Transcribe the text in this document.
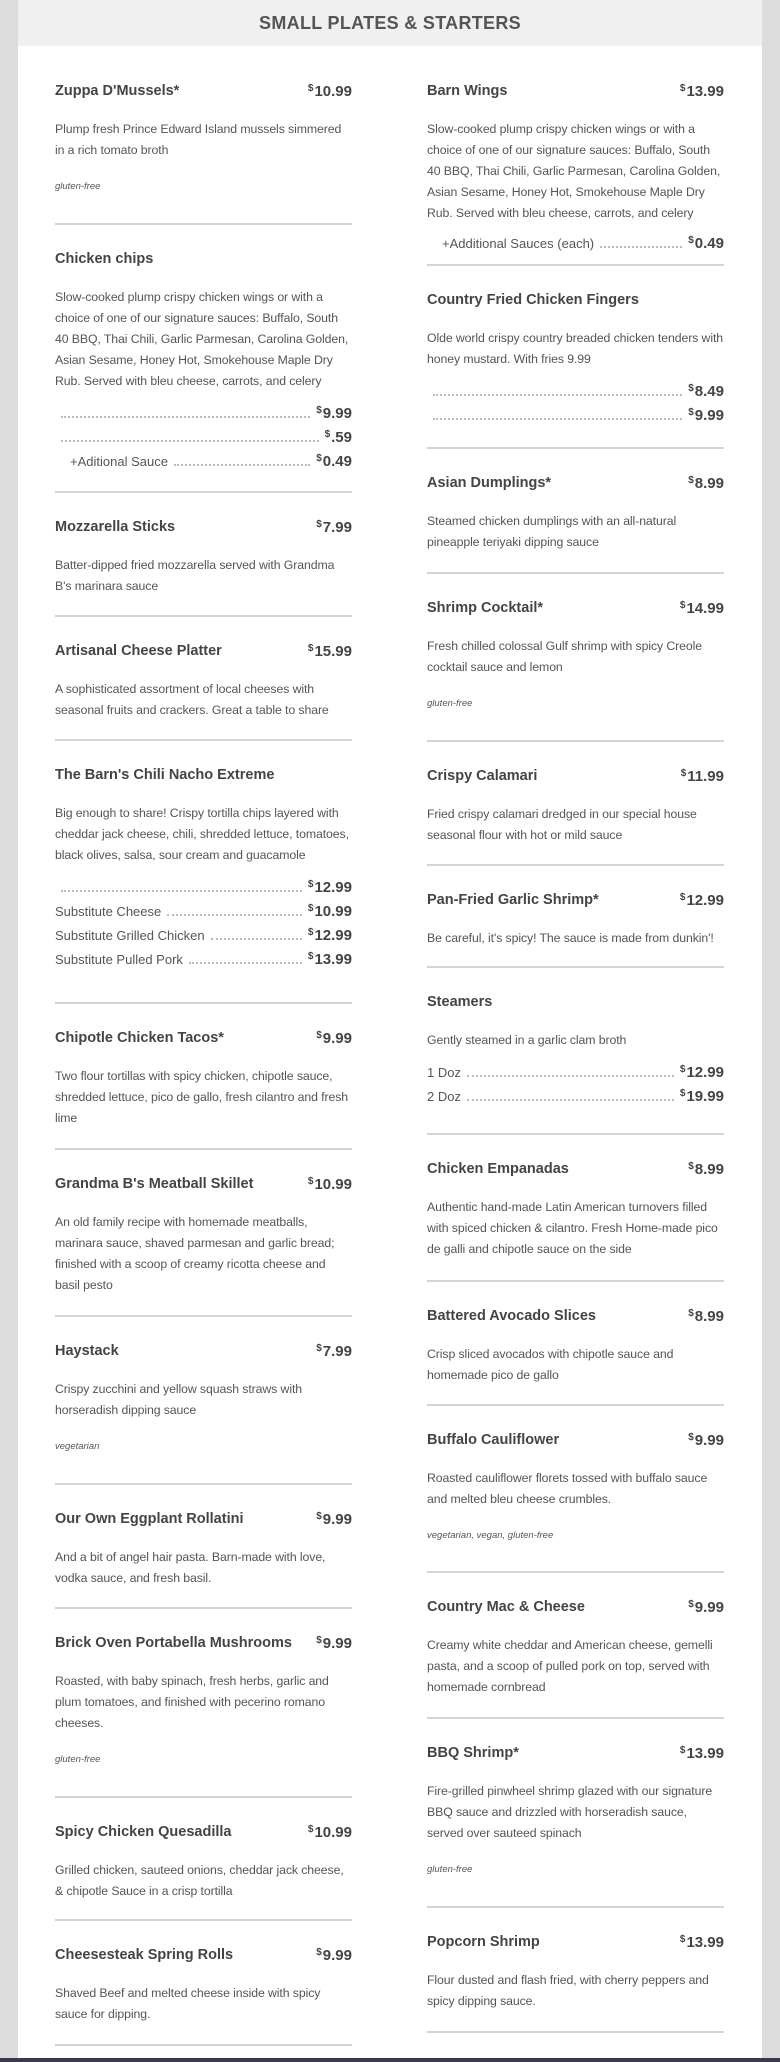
SMALL PLATES & STARTERS
Zuppa D'Mussels*	$10.99
Plump fresh Prince Edward Island mussels simmered in a rich tomato broth
gluten-free
Chicken chips
Slow-cooked plump crispy chicken wings or with a choice of one of our signature sauces: Buffalo, South 40 BBQ, Thai Chili, Garlic Parmesan, Carolina Golden, Asian Sesame, Honey Hot, Smokehouse Maple Dry Rub. Served with bleu cheese, carrots, and celery
$9.99
$.59
+Aditional Sauce	$0.49
Mozzarella Sticks	$7.99
Batter-dipped fried mozzarella served with Grandma B's marinara sauce
Artisanal Cheese Platter	$15.99
A sophisticated assortment of local cheeses with seasonal fruits and crackers. Great a table to share
The Barn's Chili Nacho Extreme
Big enough to share! Crispy tortilla chips layered with cheddar jack cheese, chili, shredded lettuce, tomatoes, black olives, salsa, sour cream and guacamole
$12.99
Substitute Cheese	$10.99
Substitute Grilled Chicken	$12.99
Substitute Pulled Pork	$13.99
Chipotle Chicken Tacos*	$9.99
Two flour tortillas with spicy chicken, chipotle sauce, shredded lettuce, pico de gallo, fresh cilantro and fresh lime
Grandma B's Meatball Skillet	$10.99
An old family recipe with homemade meatballs, marinara sauce, shaved parmesan and garlic bread; finished with a scoop of creamy ricotta cheese and basil pesto
Haystack	$7.99
Crispy zucchini and yellow squash straws with horseradish dipping sauce
vegetarian
Our Own Eggplant Rollatini	$9.99
And a bit of angel hair pasta. Barn-made with love, vodka sauce, and fresh basil.
Brick Oven Portabella Mushrooms $9.99
Roasted, with baby spinach, fresh herbs, garlic and plum tomatoes, and finished with pecerino romano cheeses.
gluten-free
Spicy Chicken Quesadilla	$10.99
Grilled chicken, sauteed onions, cheddar jack cheese, & chipotle Sauce in a crisp tortilla
Cheesesteak Spring Rolls	$9.99
Shaved Beef and melted cheese inside with spicy sauce for dipping.
Barn Wings	$13.99
Slow-cooked plump crispy chicken wings or with a choice of one of our signature sauces: Buffalo, South 40 BBQ, Thai Chili, Garlic Parmesan, Carolina Golden, Asian Sesame, Honey Hot, Smokehouse Maple Dry Rub. Served with bleu cheese, carrots, and celery
+Additional Sauces (each)	$0.49
Country Fried Chicken Fingers
Olde world crispy country breaded chicken tenders with honey mustard. With fries 9.99
$8.49
$9.99
Asian Dumplings*	$8.99
Steamed chicken dumplings with an all-natural pineapple teriyaki dipping sauce
Shrimp Cocktail*	$14.99
Fresh chilled colossal Gulf shrimp with spicy Creole cocktail sauce and lemon
gluten-free
Crispy Calamari	$11.99
Fried crispy calamari dredged in our special house seasonal flour with hot or mild sauce
Pan-Fried Garlic Shrimp*	$12.99
Be careful, it's spicy! The sauce is made from dunkin'!
Steamers
Gently steamed in a garlic clam broth
1 Doz	$12.99
2 Doz	$19.99
Chicken Empanadas	$8.99
Authentic hand-made Latin American turnovers filled with spiced chicken & cilantro. Fresh Home-made pico de galli and chipotle sauce on the side
Battered Avocado Slices	$8.99
Crisp sliced avocados with chipotle sauce and homemade pico de gallo
Buffalo Cauliflower	$9.99
Roasted cauliflower florets tossed with buffalo sauce and melted bleu cheese crumbles.
vegetarian, vegan, gluten-free
Country Mac & Cheese	$9.99
Creamy white cheddar and American cheese, gemelli pasta, and a scoop of pulled pork on top, served with homemade cornbread
BBQ Shrimp*	$13.99
Fire-grilled pinwheel shrimp glazed with our signature BBQ sauce and drizzled with horseradish sauce, served over sauteed spinach
gluten-free
Popcorn Shrimp	$13.99
Flour dusted and flash fried, with cherry peppers and spicy dipping sauce.
